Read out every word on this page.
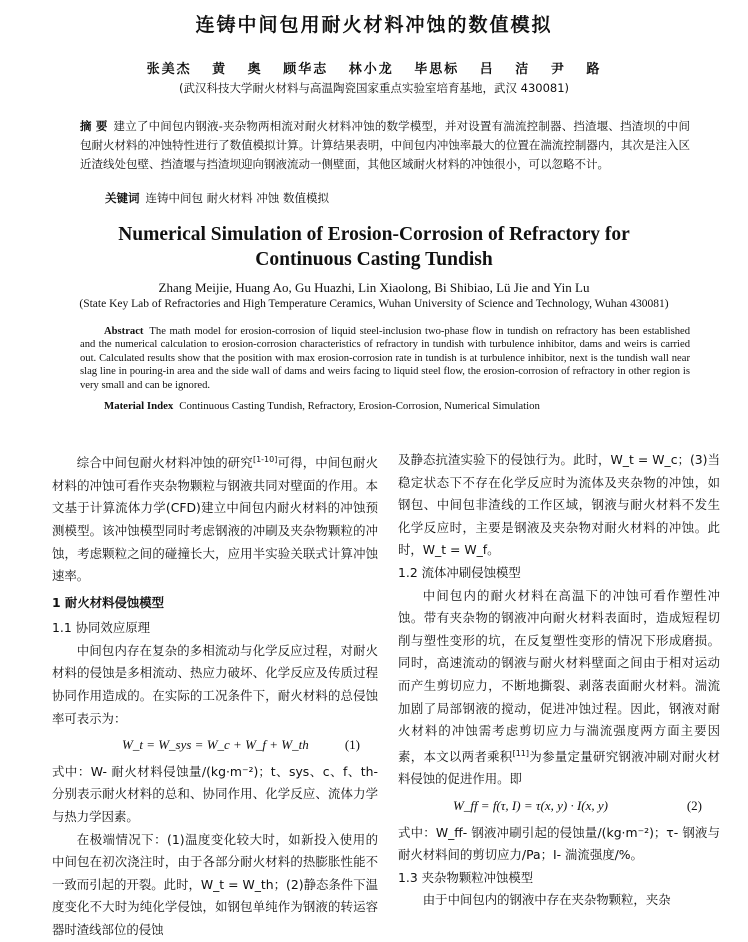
连铸中间包用耐火材料冲蚀的数值模拟
张美杰 黄 奥 顾华志 林小龙 毕思标 吕 洁 尹 路
(武汉科技大学耐火材料与高温陶瓷国家重点实验室培育基地，武汉 430081)
摘 要 建立了中间包内钢液-夹杂物两相流对耐火材料冲蚀的数学模型，并对设置有湍流控制器、挡渣堰、挡渣坝的中间包耐火材料的冲蚀特性进行了数值模拟计算。计算结果表明，中间包内冲蚀率最大的位置在湍流控制器内，其次是注入区近渣线处包壁、挡渣堰与挡渣坝迎向钢液流动一侧壁面，其他区域耐火材料的冲蚀很小，可以忽略不计。
关键词 连铸中间包 耐火材料 冲蚀 数值模拟
Numerical Simulation of Erosion-Corrosion of Refractory for
Continuous Casting Tundish
Zhang Meijie, Huang Ao, Gu Huazhi, Lin Xiaolong, Bi Shibiao, Lü Jie and Yin Lu
(State Key Lab of Refractories and High Temperature Ceramics, Wuhan University of Science and Technology, Wuhan 430081)
Abstract The math model for erosion-corrosion of liquid steel-inclusion two-phase flow in tundish on refractory has been established and the numerical calculation to erosion-corrosion characteristics of refractory in tundish with turbulence inhibitor, dams and weirs is carried out. Calculated results show that the position with max erosion-corrosion rate in tundish is at turbulence inhibitor, next is the tundish wall near slag line in pouring-in area and the side wall of dams and weirs facing to liquid steel flow, the erosion-corrosion of refractory in other region is very small and can be ignored.
Material Index Continuous Casting Tundish, Refractory, Erosion-Corrosion, Numerical Simulation

综合中间包耐火材料冲蚀的研究[1-10]可得，中间包耐火材料的冲蚀可看作夹杂物颗粒与钢液共同对壁面的作用。本文基于计算流体力学(CFD)建立中间包内耐火材料的冲蚀预测模型。该冲蚀模型同时考虑钢液的冲刷及夹杂物颗粒的冲蚀，考虑颗粒之间的碰撞长大，应用半实验关联式计算冲蚀速率。

1 耐火材料侵蚀模型

1.1 协同效应原理

中间包内存在复杂的多相流动与化学反应过程，对耐火材料的侵蚀是多相流动、热应力破坏、化学反应及传质过程协同作用造成的。在实际的工况条件下，耐火材料的总侵蚀率可表示为：

W_t = W_sys = W_c + W_f + W_th	(1)

式中：W- 耐火材料侵蚀量/(kg·m⁻²)；t、sys、c、f、th- 分别表示耐火材料的总和、协同作用、化学反应、流体力学与热力学因素。

在极端情况下：(1)温度变化较大时，如新投入使用的中间包在初次浇注时，由于各部分耐火材料的热膨胀性能不一致而引起的开裂。此时，W_t = W_th；(2)静态条件下温度变化不大时为纯化学侵蚀，如钢包单纯作为钢液的转运容器时渣线部位的侵蚀

及静态抗渣实验下的侵蚀行为。此时，W_t = W_c；(3)当稳定状态下不存在化学反应时为流体及夹杂物的冲蚀，如钢包、中间包非渣线的工作区域，钢液与耐火材料不发生化学反应时，主要是钢液及夹杂物对耐火材料的冲蚀。此时，W_t = W_f。

1.2 流体冲刷侵蚀模型

中间包内的耐火材料在高温下的冲蚀可看作塑性冲蚀。带有夹杂物的钢液冲向耐火材料表面时，造成短程切削与塑性变形的坑，在反复塑性变形的情况下形成磨损。同时，高速流动的钢液与耐火材料壁面之间由于相对运动而产生剪切应力，不断地撕裂、剥落表面耐火材料。湍流加剧了局部钢液的搅动，促进冲蚀过程。因此，钢液对耐火材料的冲蚀需考虑剪切应力与湍流强度两方面主要因素，本文以两者乘积[11]为参量定量研究钢液冲刷对耐火材料侵蚀的促进作用。即

W_ff = f(τ, I) = τ(x, y) · I(x, y)	(2)

式中：W_ff- 钢液冲刷引起的侵蚀量/(kg·m⁻²)；τ- 钢液与耐火材料间的剪切应力/Pa；I- 湍流强度/%。

1.3 夹杂物颗粒冲蚀模型

由于中间包内的钢液中存在夹杂物颗粒，夹杂
